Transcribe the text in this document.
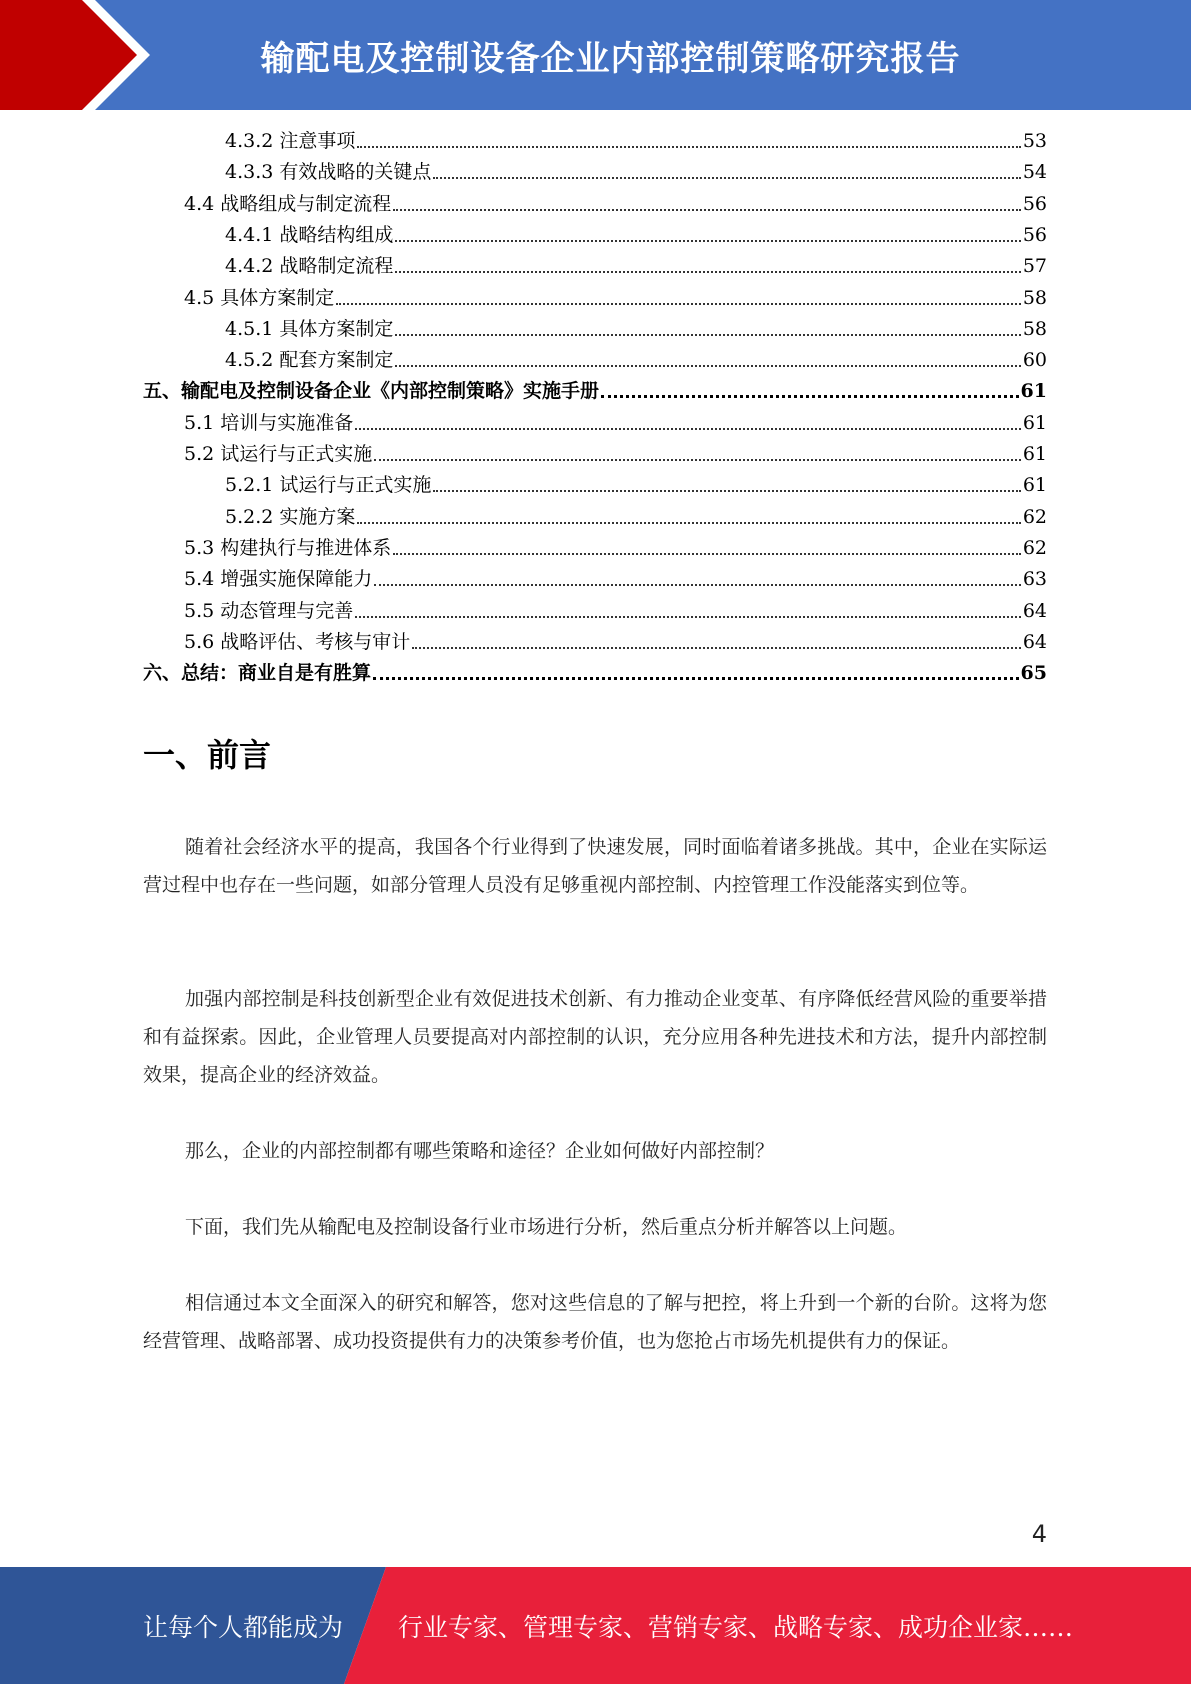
输配电及控制设备企业内部控制策略研究报告
4.3.2 注意事项	53
4.3.3 有效战略的关键点	54
4.4 战略组成与制定流程	56
4.4.1 战略结构组成	56
4.4.2 战略制定流程	57
4.5 具体方案制定	58
4.5.1 具体方案制定	58
4.5.2 配套方案制定	60
五、输配电及控制设备企业《内部控制策略》实施手册	61
5.1 培训与实施准备	61
5.2 试运行与正式实施	61
5.2.1 试运行与正式实施	61
5.2.2 实施方案	62
5.3 构建执行与推进体系	62
5.4 增强实施保障能力	63
5.5 动态管理与完善	64
5.6 战略评估、考核与审计	64
六、总结：商业自是有胜算	65
一、前言

随着社会经济水平的提高，我国各个行业得到了快速发展，同时面临着诸多挑战。其中，企业在实际运营过程中也存在一些问题，如部分管理人员没有足够重视内部控制、内控管理工作没能落实到位等。

加强内部控制是科技创新型企业有效促进技术创新、有力推动企业变革、有序降低经营风险的重要举措和有益探索。因此，企业管理人员要提高对内部控制的认识，充分应用各种先进技术和方法，提升内部控制效果，提高企业的经济效益。

那么，企业的内部控制都有哪些策略和途径？企业如何做好内部控制？

下面，我们先从输配电及控制设备行业市场进行分析，然后重点分析并解答以上问题。

相信通过本文全面深入的研究和解答，您对这些信息的了解与把控，将上升到一个新的台阶。这将为您经营管理、战略部署、成功投资提供有力的决策参考价值，也为您抢占市场先机提供有力的保证。

4
让每个人都能成为 行业专家、管理专家、营销专家、战略专家、成功企业家……
